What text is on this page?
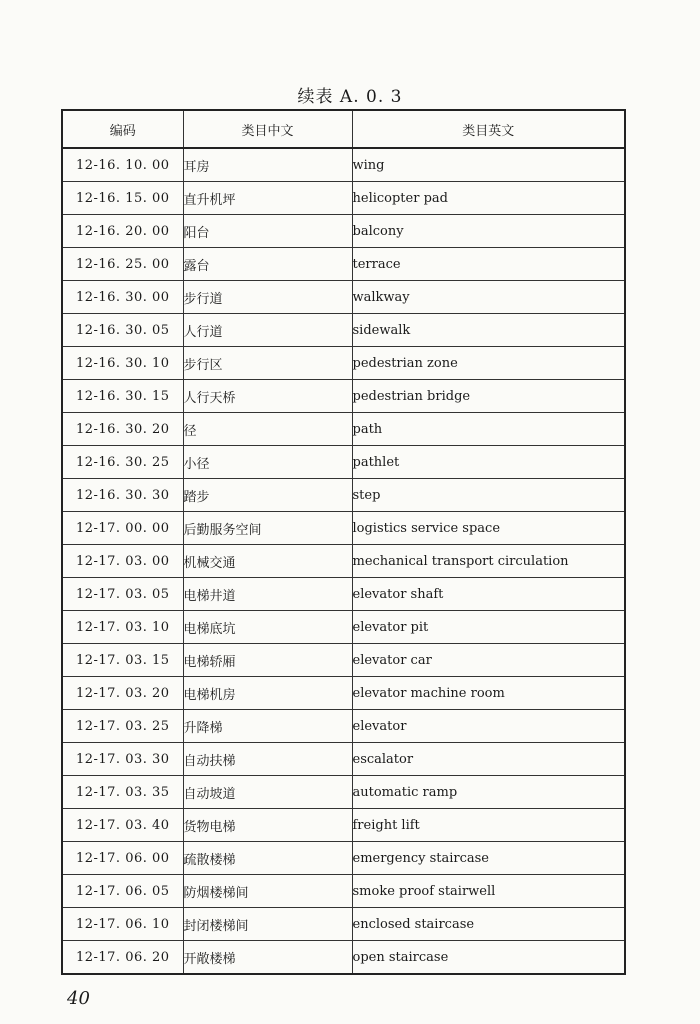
续表 A. 0. 3
编码	类目中文	类目英文
12-16. 10. 00	耳房	wing
12-16. 15. 00	直升机坪	helicopter pad
12-16. 20. 00	阳台	balcony
12-16. 25. 00	露台	terrace
12-16. 30. 00	步行道	walkway
12-16. 30. 05	人行道	sidewalk
12-16. 30. 10	步行区	pedestrian zone
12-16. 30. 15	人行天桥	pedestrian bridge
12-16. 30. 20	径	path
12-16. 30. 25	小径	pathlet
12-16. 30. 30	踏步	step
12-17. 00. 00	后勤服务空间	logistics service space
12-17. 03. 00	机械交通	mechanical transport circulation
12-17. 03. 05	电梯井道	elevator shaft
12-17. 03. 10	电梯底坑	elevator pit
12-17. 03. 15	电梯轿厢	elevator car
12-17. 03. 20	电梯机房	elevator machine room
12-17. 03. 25	升降梯	elevator
12-17. 03. 30	自动扶梯	escalator
12-17. 03. 35	自动坡道	automatic ramp
12-17. 03. 40	货物电梯	freight lift
12-17. 06. 00	疏散楼梯	emergency staircase
12-17. 06. 05	防烟楼梯间	smoke proof stairwell
12-17. 06. 10	封闭楼梯间	enclosed staircase
12-17. 06. 20	开敞楼梯	open staircase
40
